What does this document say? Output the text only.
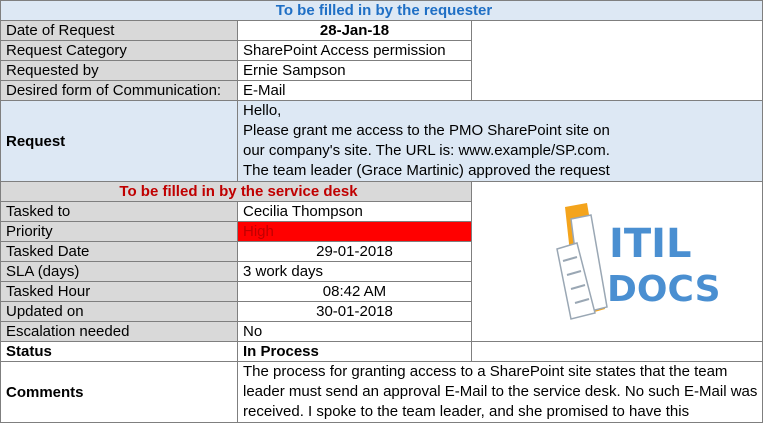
To be filled in by the requester		
Date of Request	28-Jan-18	
Request Category	SharePoint Access permission	
Requested by	Ernie Sampson	
Desired form of Communication:	E-Mail	
Request	Hello,
Please grant me access to the PMO SharePoint site on our company's site. The URL is: www.example/SP.com.
The team leader (Grace Martinic) approved the request	

To be filled in by the service desk		ITIL
DOCS

Tasked to	Cecilia Thompson	
Priority	High	
Tasked Date	29-01-2018	
SLA (days)	3 work days	
Tasked Hour	08:42 AM	
Updated on	30-01-2018	
Escalation needed	No	
Status	In Process	
Comments	The process for granting access to a SharePoint site states that the team leader must send an approval E-Mail to the service desk. No such E-Mail was received. I spoke to the team leader, and she promised to have this	
